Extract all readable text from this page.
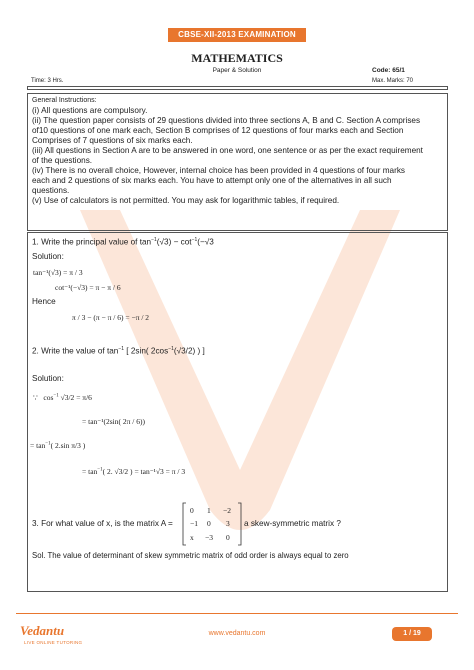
CBSE-XII-2013 EXAMINATION
MATHEMATICS
Paper & Solution	Code: 65/1
Time: 3 Hrs.	Max. Marks: 70
General Instructions:
(i) All questions are compulsory.
(ii) The question paper consists of 29 questions divided into three sections A, B and C. Section A comprises
of10 questions of one mark each, Section B comprises of 12 questions of four marks each and Section
Comprises of 7 questions of six marks each.
(iii) All questions in Section A are to be answered in one word, one sentence or as per the exact requirement
of the questions.
(iv) There is no overall choice, However, internal choice has been provided in 4 questions of four marks
each and 2 questions of six marks each. You have to attempt only one of the alternatives in all such
questions.
(v) Use of calculators is not permitted. You may ask for logarithmic tables, if required.
1. Write the principal value of $\tan^{-1}(√3) - \cot^{-1}(-√3$
Solution:
tan⁻¹(√3) = π / 3
cot⁻¹(−√3) = π − π / 6
Hence
π / 3 − (π − π / 6) = −π / 2
2. Write the value of $\tan^{-1}$ [ 2sin( $2\cos^{-1}(√3/2)$ ) ]
Solution:
∵   $\cos^{-1} √3/2 = \pi/6$
= tan⁻¹(2sin( 2π / 6))
= $\tan^{-1}$( 2.sin π/3 )
= $\tan^{-1}$( 2. √3/2 ) = tan⁻¹√3 = π / 3
3. For what value of x, is the matrix A =
0 1 −2
−1 0 3
x −3 0
a skew-symmetric matrix ?
Sol. The value of determinant of skew symmetric matrix of odd order is always equal to zero
Vedantu
LIVE ONLINE TUTORING
www.vedantu.com	1 / 19
